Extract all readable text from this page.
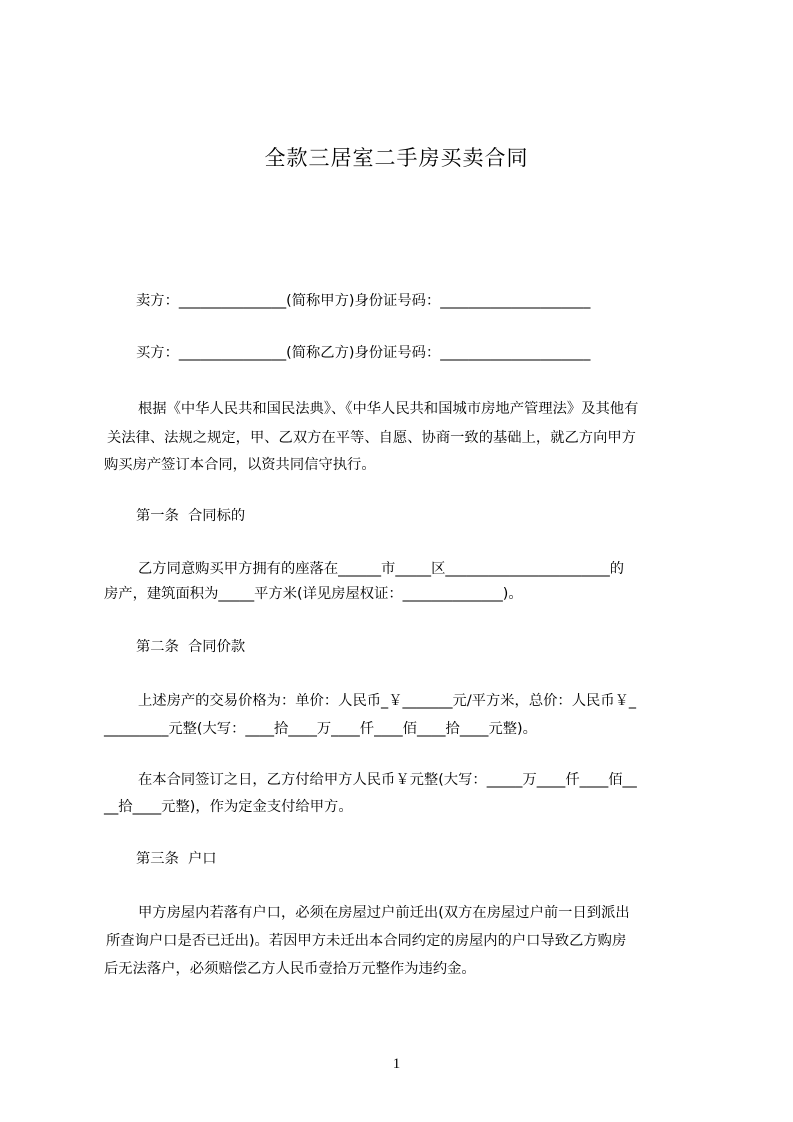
全款三居室二手房买卖合同
卖方：_______________(简称甲方)身份证号码：_____________________
买方：_______________(简称乙方)身份证号码：_____________________
根据《中华人民共和国民法典》、《中华人民共和国城市房地产管理法》及其他有
关法律、法规之规定，甲、乙双方在平等、自愿、协商一致的基础上，就乙方向甲方
购买房产签订本合同，以资共同信守执行。
第一条  合同标的
乙方同意购买甲方拥有的座落在______市_____区_______________________的
房产，建筑面积为_____平方米(详见房屋权证：______________)。
第二条  合同价款
上述房产的交易价格为：单价：人民币_￥_______元/平方米，总价：人民币￥_
_________元整(大写：____拾____万____仟____佰____拾____元整)。
在本合同签订之日，乙方付给甲方人民币￥元整(大写：_____万____仟____佰__
__拾____元整)，作为定金支付给甲方。
第三条  户口
甲方房屋内若落有户口，必须在房屋过户前迁出(双方在房屋过户前一日到派出
所查询户口是否已迁出)。若因甲方未迁出本合同约定的房屋内的户口导致乙方购房
后无法落户，必须赔偿乙方人民币壹拾万元整作为违约金。
1
